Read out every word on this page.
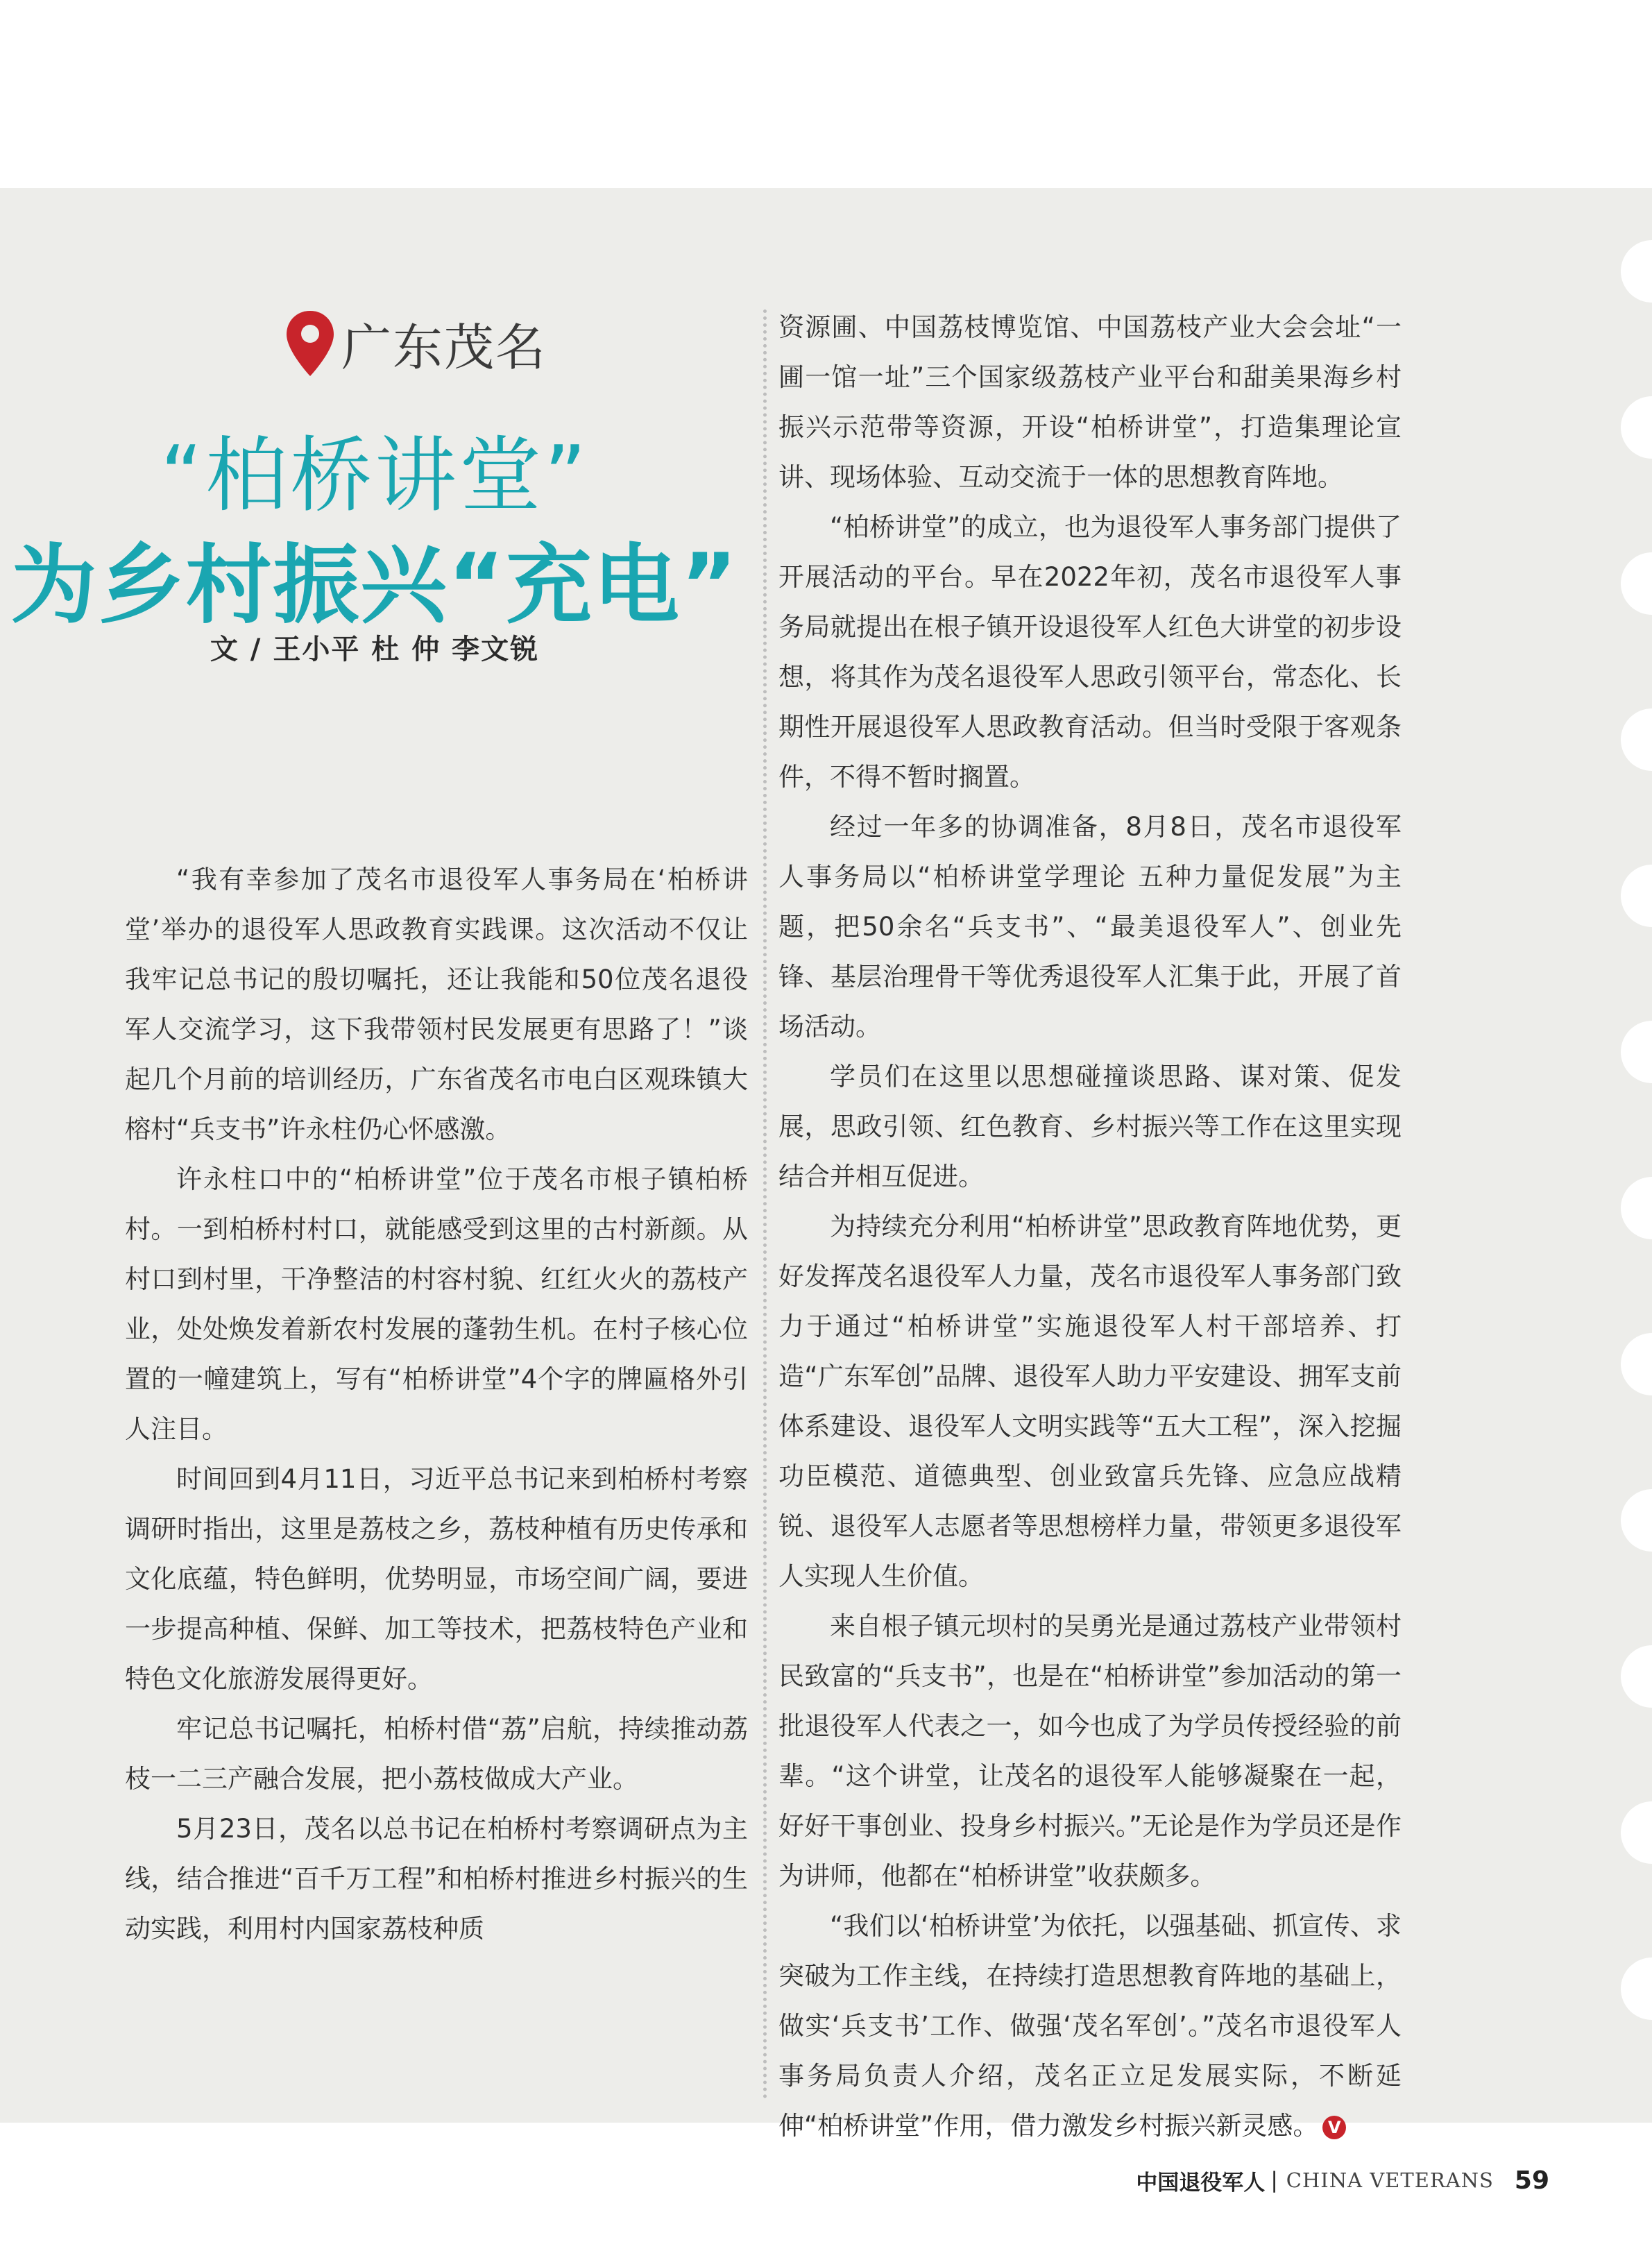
广东茂名
“柏桥讲堂”
为乡村振兴“充电”
文 / 王小平 杜 仲 李文锐

“我有幸参加了茂名市退役军人事务局在‘柏桥讲堂’举办的退役军人思政教育实践课。这次活动不仅让我牢记总书记的殷切嘱托，还让我能和50位茂名退役军人交流学习，这下我带领村民发展更有思路了！”谈起几个月前的培训经历，广东省茂名市电白区观珠镇大榕村“兵支书”许永柱仍心怀感激。

许永柱口中的“柏桥讲堂”位于茂名市根子镇柏桥村。一到柏桥村村口，就能感受到这里的古村新颜。从村口到村里，干净整洁的村容村貌、红红火火的荔枝产业，处处焕发着新农村发展的蓬勃生机。在村子核心位置的一幢建筑上，写有“柏桥讲堂”4个字的牌匾格外引人注目。

时间回到4月11日，习近平总书记来到柏桥村考察调研时指出，这里是荔枝之乡，荔枝种植有历史传承和文化底蕴，特色鲜明，优势明显，市场空间广阔，要进一步提高种植、保鲜、加工等技术，把荔枝特色产业和特色文化旅游发展得更好。

牢记总书记嘱托，柏桥村借“荔”启航，持续推动荔枝一二三产融合发展，把小荔枝做成大产业。

5月23日，茂名以总书记在柏桥村考察调研点为主线，结合推进“百千万工程”和柏桥村推进乡村振兴的生动实践，利用村内国家荔枝种质

资源圃、中国荔枝博览馆、中国荔枝产业大会会址“一圃一馆一址”三个国家级荔枝产业平台和甜美果海乡村振兴示范带等资源，开设“柏桥讲堂”，打造集理论宣讲、现场体验、互动交流于一体的思想教育阵地。

“柏桥讲堂”的成立，也为退役军人事务部门提供了开展活动的平台。早在2022年初，茂名市退役军人事务局就提出在根子镇开设退役军人红色大讲堂的初步设想，将其作为茂名退役军人思政引领平台，常态化、长期性开展退役军人思政教育活动。但当时受限于客观条件，不得不暂时搁置。

经过一年多的协调准备，8月8日，茂名市退役军人事务局以“柏桥讲堂学理论 五种力量促发展”为主题，把50余名“兵支书”、“最美退役军人”、创业先锋、基层治理骨干等优秀退役军人汇集于此，开展了首场活动。

学员们在这里以思想碰撞谈思路、谋对策、促发展，思政引领、红色教育、乡村振兴等工作在这里实现结合并相互促进。

为持续充分利用“柏桥讲堂”思政教育阵地优势，更好发挥茂名退役军人力量，茂名市退役军人事务部门致力于通过“柏桥讲堂”实施退役军人村干部培养、打造“广东军创”品牌、退役军人助力平安建设、拥军支前体系建设、退役军人文明实践等“五大工程”，深入挖掘功臣模范、道德典型、创业致富兵先锋、应急应战精锐、退役军人志愿者等思想榜样力量，带领更多退役军人实现人生价值。

来自根子镇元坝村的吴勇光是通过荔枝产业带领村民致富的“兵支书”，也是在“柏桥讲堂”参加活动的第一批退役军人代表之一，如今也成了为学员传授经验的前辈。“这个讲堂，让茂名的退役军人能够凝聚在一起，好好干事创业、投身乡村振兴。”无论是作为学员还是作为讲师，他都在“柏桥讲堂”收获颇多。

“我们以‘柏桥讲堂’为依托，以强基础、抓宣传、求突破为工作主线，在持续打造思想教育阵地的基础上，做实‘兵支书’工作、做强‘茂名军创’。”茂名市退役军人事务局负责人介绍，茂名正立足发展实际，不断延伸“柏桥讲堂”作用，借力激发乡村振兴新灵感。 V

中国退役军人 | CHINA VETERANS 59
